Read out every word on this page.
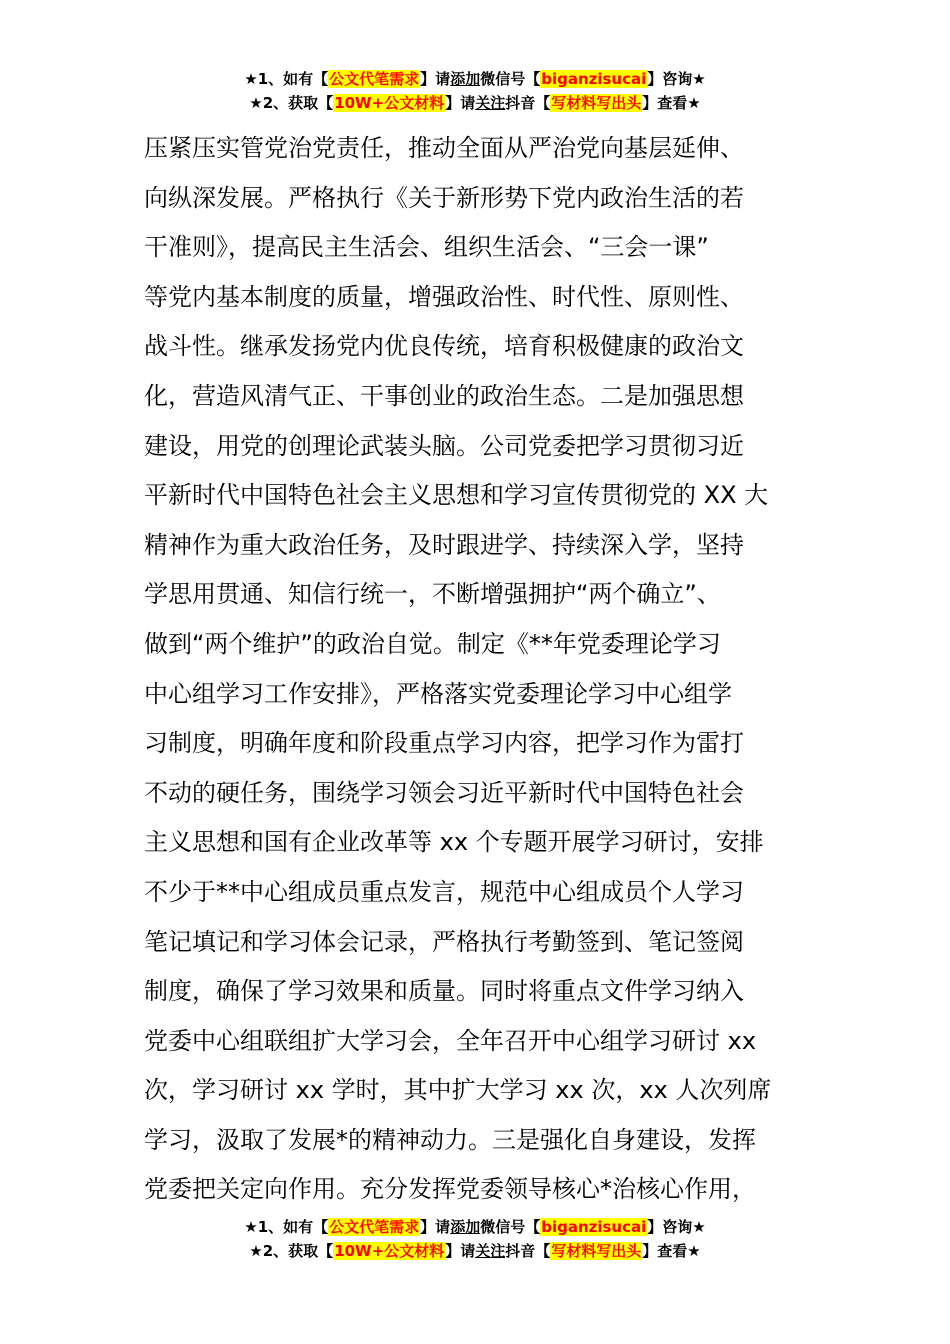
★1、如有【公文代笔需求】请添加微信号【biganzisucai】咨询★
★2、获取【10W+公文材料】请关注抖音【写材料写出头】查看★
压紧压实管党治党责任，推动全面从严治党向基层延伸、
向纵深发展。严格执行《关于新形势下党内政治生活的若
干准则》，提高民主生活会、组织生活会、“三会一课”
等党内基本制度的质量，增强政治性、时代性、原则性、
战斗性。继承发扬党内优良传统，培育积极健康的政治文
化，营造风清气正、干事创业的政治生态。二是加强思想
建设，用党的创理论武装头脑。公司党委把学习贯彻习近
平新时代中国特色社会主义思想和学习宣传贯彻党的 XX 大
精神作为重大政治任务，及时跟进学、持续深入学，坚持
学思用贯通、知信行统一，不断增强拥护“两个确立”、
做到“两个维护”的政治自觉。制定《**年党委理论学习
中心组学习工作安排》，严格落实党委理论学习中心组学
习制度，明确年度和阶段重点学习内容，把学习作为雷打
不动的硬任务，围绕学习领会习近平新时代中国特色社会
主义思想和国有企业改革等 xx 个专题开展学习研讨，安排
不少于**中心组成员重点发言，规范中心组成员个人学习
笔记填记和学习体会记录，严格执行考勤签到、笔记签阅
制度，确保了学习效果和质量。同时将重点文件学习纳入
党委中心组联组扩大学习会，全年召开中心组学习研讨 xx
次，学习研讨 xx 学时，其中扩大学习 xx 次，xx 人次列席
学习，汲取了发展*的精神动力。三是强化自身建设，发挥
党委把关定向作用。充分发挥党委领导核心*治核心作用，
★1、如有【公文代笔需求】请添加微信号【biganzisucai】咨询★
★2、获取【10W+公文材料】请关注抖音【写材料写出头】查看★
